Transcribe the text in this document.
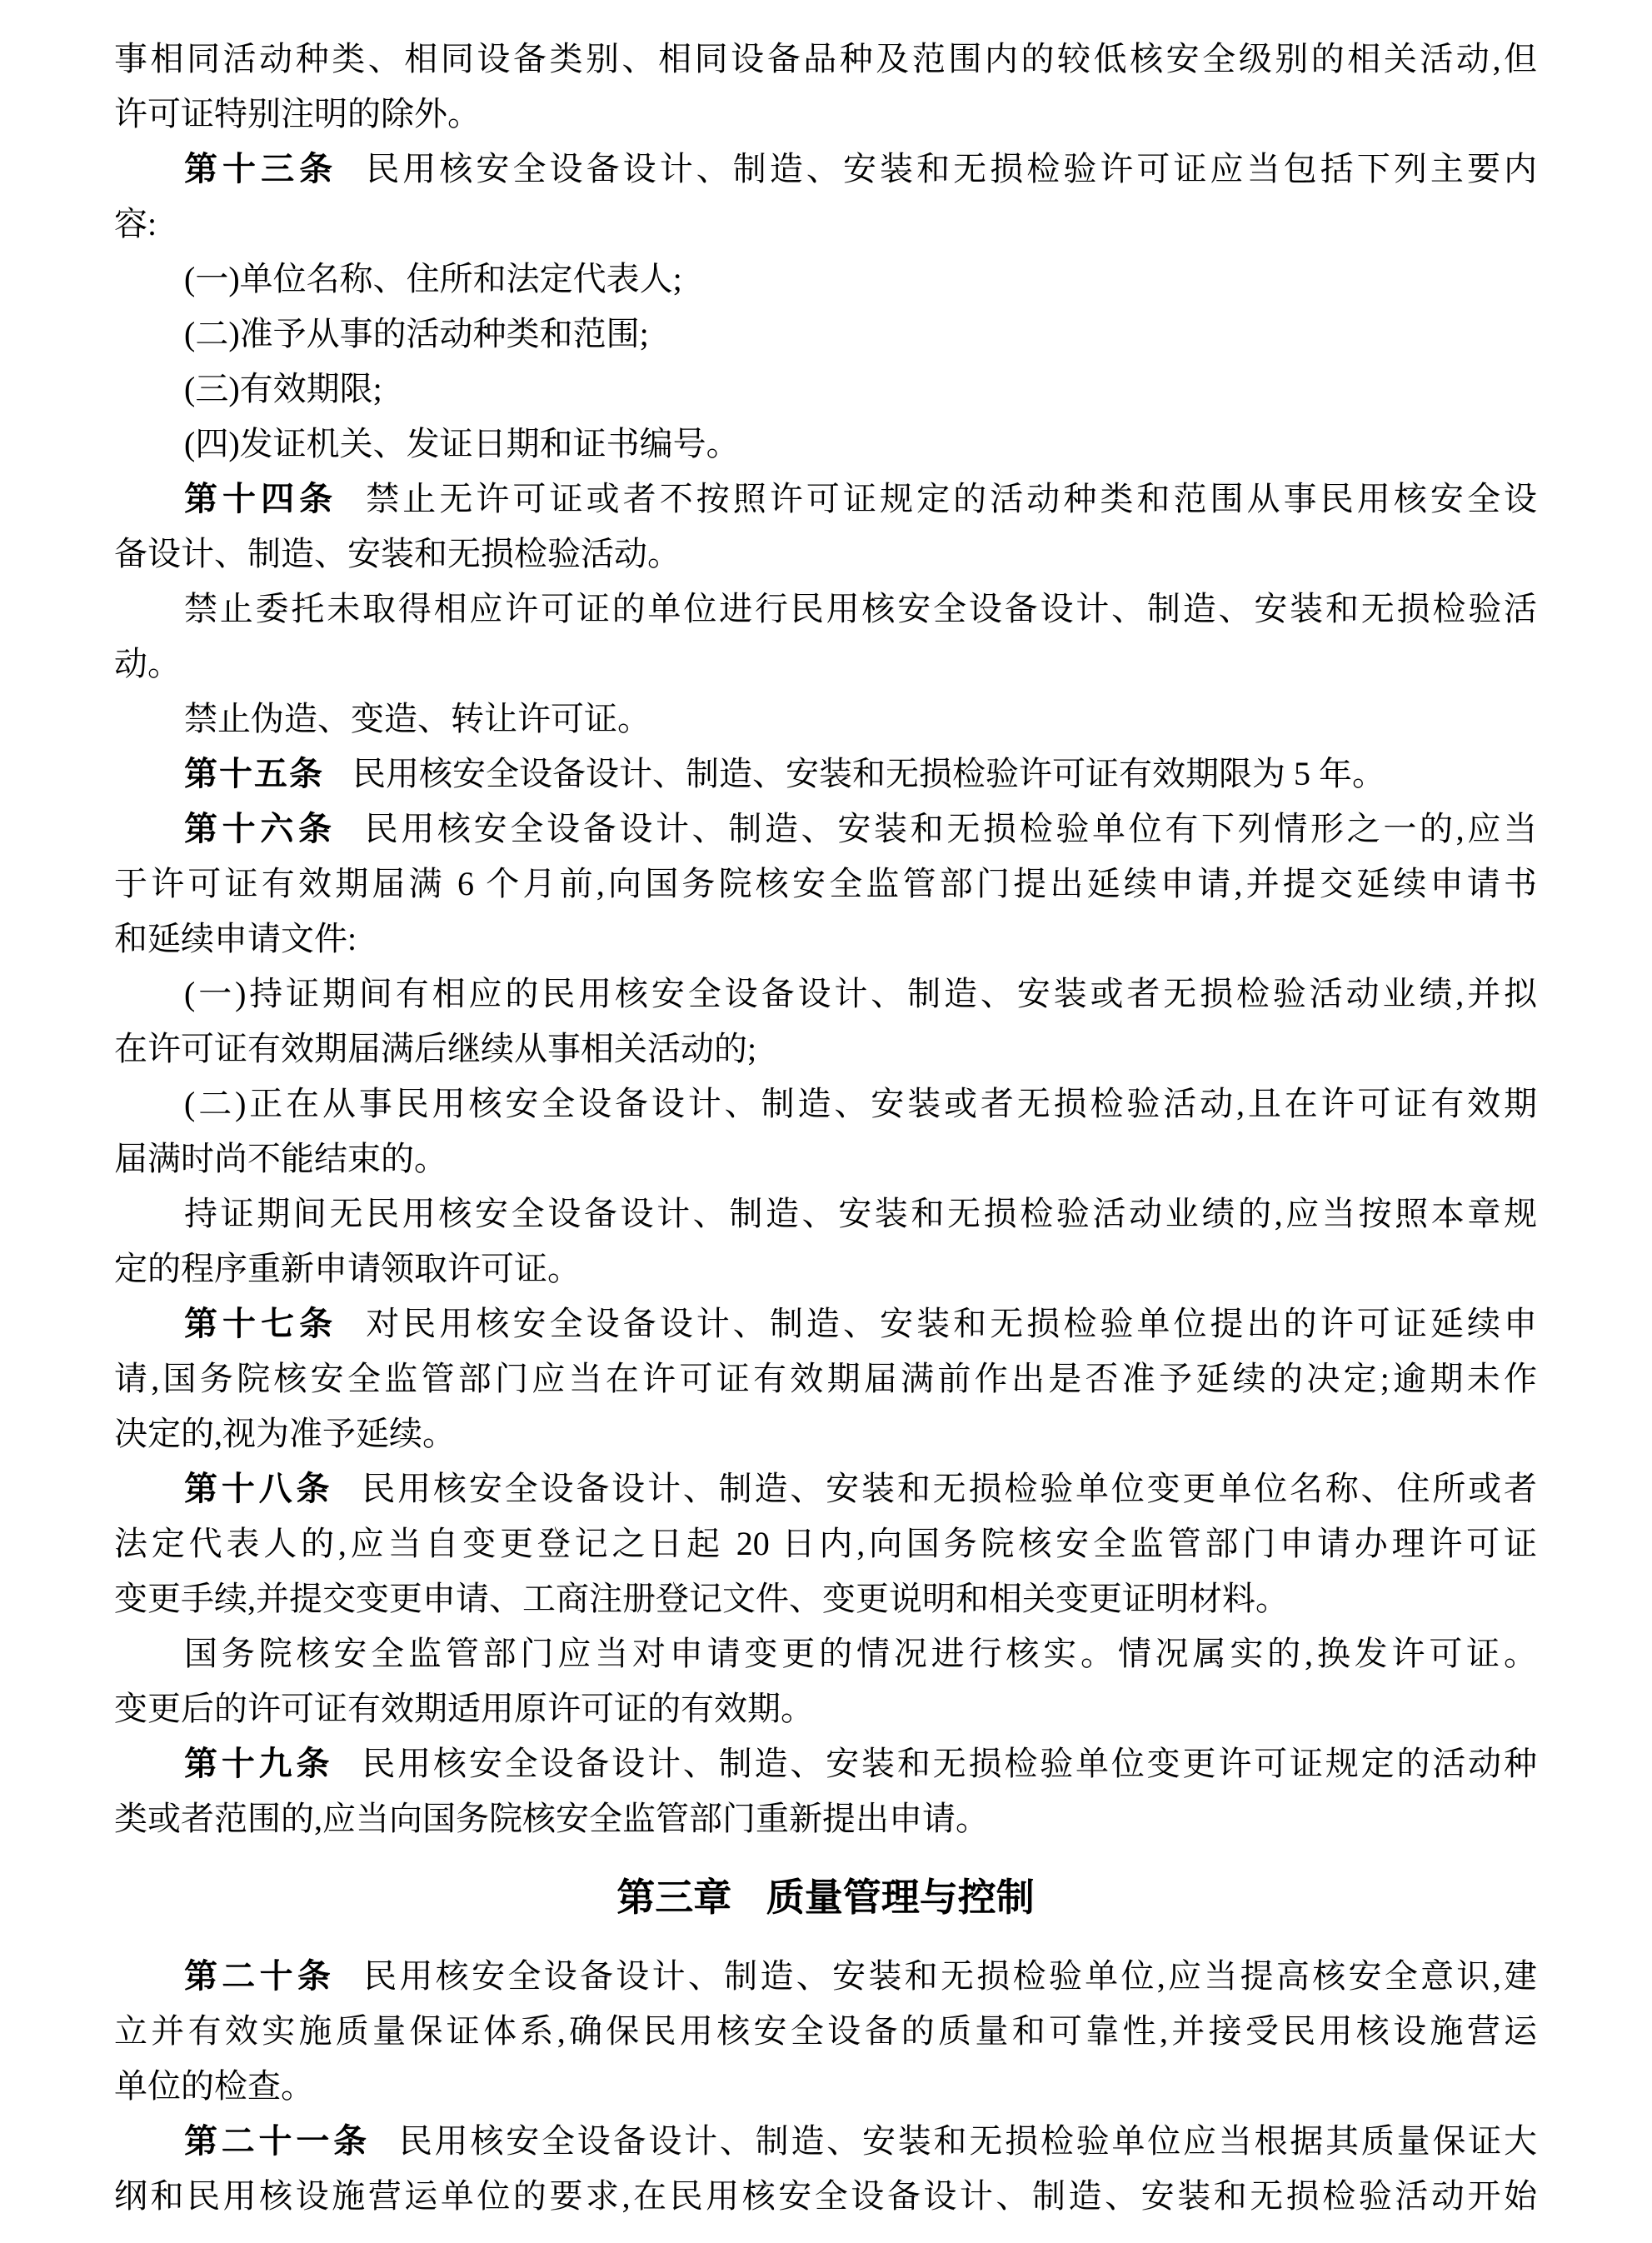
事相同活动种类、相同设备类别、相同设备品种及范围内的较低核安全级别的相关活动,但
许可证特别注明的除外。
第十三条 民用核安全设备设计、制造、安装和无损检验许可证应当包括下列主要内
容:
(一)单位名称、住所和法定代表人;
(二)准予从事的活动种类和范围;
(三)有效期限;
(四)发证机关、发证日期和证书编号。
第十四条 禁止无许可证或者不按照许可证规定的活动种类和范围从事民用核安全设
备设计、制造、安装和无损检验活动。
禁止委托未取得相应许可证的单位进行民用核安全设备设计、制造、安装和无损检验活
动。
禁止伪造、变造、转让许可证。
第十五条 民用核安全设备设计、制造、安装和无损检验许可证有效期限为 5 年。
第十六条 民用核安全设备设计、制造、安装和无损检验单位有下列情形之一的,应当
于许可证有效期届满 6 个月前,向国务院核安全监管部门提出延续申请,并提交延续申请书
和延续申请文件:
(一)持证期间有相应的民用核安全设备设计、制造、安装或者无损检验活动业绩,并拟
在许可证有效期届满后继续从事相关活动的;
(二)正在从事民用核安全设备设计、制造、安装或者无损检验活动,且在许可证有效期
届满时尚不能结束的。
持证期间无民用核安全设备设计、制造、安装和无损检验活动业绩的,应当按照本章规
定的程序重新申请领取许可证。
第十七条 对民用核安全设备设计、制造、安装和无损检验单位提出的许可证延续申
请,国务院核安全监管部门应当在许可证有效期届满前作出是否准予延续的决定;逾期未作
决定的,视为准予延续。
第十八条 民用核安全设备设计、制造、安装和无损检验单位变更单位名称、住所或者
法定代表人的,应当自变更登记之日起 20 日内,向国务院核安全监管部门申请办理许可证
变更手续,并提交变更申请、工商注册登记文件、变更说明和相关变更证明材料。
国务院核安全监管部门应当对申请变更的情况进行核实。情况属实的,换发许可证。
变更后的许可证有效期适用原许可证的有效期。
第十九条 民用核安全设备设计、制造、安装和无损检验单位变更许可证规定的活动种
类或者范围的,应当向国务院核安全监管部门重新提出申请。
第三章 质量管理与控制
第二十条 民用核安全设备设计、制造、安装和无损检验单位,应当提高核安全意识,建
立并有效实施质量保证体系,确保民用核安全设备的质量和可靠性,并接受民用核设施营运
单位的检查。
第二十一条 民用核安全设备设计、制造、安装和无损检验单位应当根据其质量保证大
纲和民用核设施营运单位的要求,在民用核安全设备设计、制造、安装和无损检验活动开始
